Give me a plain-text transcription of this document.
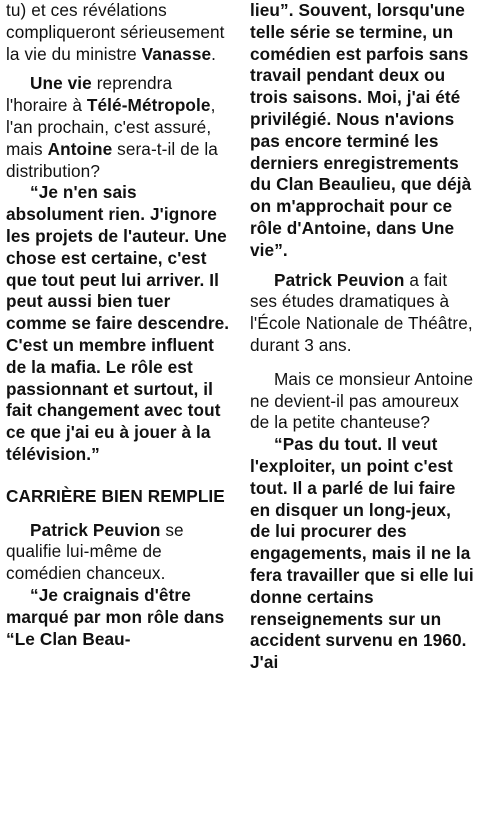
tu) et ces révélations compliqueront sérieusement la vie du ministre Vanasse.

Une vie reprendra l'horaire à Télé-Métropole, l'an prochain, c'est assuré, mais Antoine sera-t-il de la distribution?

“Je n'en sais absolument rien. J'ignore les projets de l'auteur. Une chose est certaine, c'est que tout peut lui arriver. Il peut aussi bien tuer comme se faire descendre. C'est un membre influent de la mafia. Le rôle est passionnant et surtout, il fait changement avec tout ce que j'ai eu à jouer à la télévision.”

CARRIÈRE BIEN REMPLIE

Patrick Peuvion se qualifie lui-même de comédien chanceux.

“Je craignais d'être marqué par mon rôle dans “Le Clan Beau-

lieu”. Souvent, lorsqu'une telle série se termine, un comédien est parfois sans travail pendant deux ou trois saisons. Moi, j'ai été privilégié. Nous n'avions pas encore terminé les derniers enregistrements du Clan Beaulieu, que déjà on m'approchait pour ce rôle d'Antoine, dans Une vie”.

Patrick Peuvion a fait ses études dramatiques à l'École Nationale de Théâtre, durant 3 ans.

Mais ce monsieur Antoine ne devient-il pas amoureux de la petite chanteuse?

“Pas du tout. Il veut l'exploiter, un point c'est tout. Il a parlé de lui faire en disquer un long-jeux, de lui procurer des engagements, mais il ne la fera travailler que si elle lui donne certains renseignements sur un accident survenu en 1960. J'ai
